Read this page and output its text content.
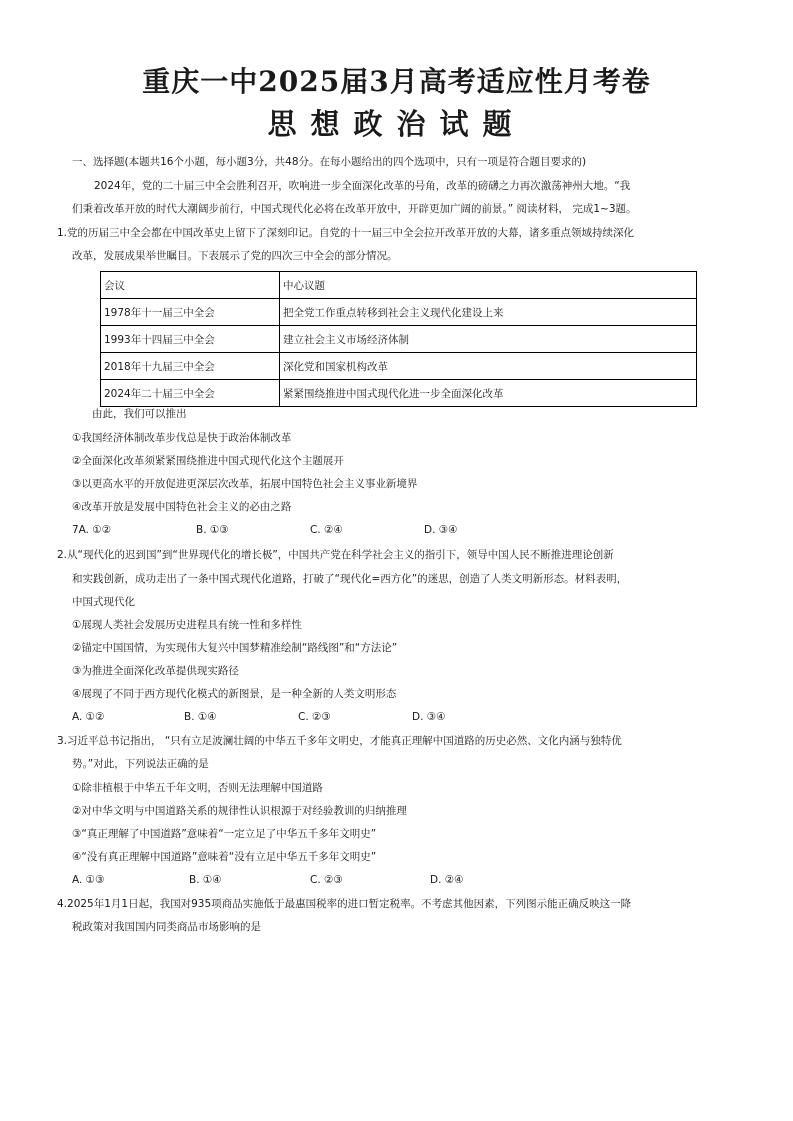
重庆一中2025届3月高考适应性月考卷
思想政治试题
一、选择题(本题共16个小题，每小题3分，共48分。在每小题给出的四个选项中，只有一项是符合题目要求的)
2024年，党的二十届三中全会胜利召开，吹响进一步全面深化改革的号角，改革的磅礴之力再次激荡神州大地。“我
们秉着改革开放的时代大潮阔步前行，中国式现代化必将在改革开放中，开辟更加广阔的前景。” 阅读材料， 完成1~3题。
1.党的历届三中全会都在中国改革史上留下了深刻印记。自党的十一届三中全会拉开改革开放的大幕，诸多重点领域持续深化
改革，发展成果举世瞩目。下表展示了党的四次三中全会的部分情况。
会议	中心议题
1978年十一届三中全会	把全党工作重点转移到社会主义现代化建设上来
1993年十四届三中全会	建立社会主义市场经济体制
2018年十九届三中全会	深化党和国家机构改革
2024年二十届三中全会	紧紧围绕推进中国式现代化进一步全面深化改革
由此，我们可以推出
①我国经济体制改革步伐总是快于政治体制改革
②全面深化改革须紧紧围绕推进中国式现代化这个主题展开
③以更高水平的开放促进更深层次改革，拓展中国特色社会主义事业新境界
④改革开放是发展中国特色社会主义的必由之路
7A. ①②	B. ①③	C. ②④	D. ③④
2.从“现代化的迟到国”到“世界现代化的增长极”，中国共产党在科学社会主义的指引下，领导中国人民不断推进理论创新
和实践创新，成功走出了一条中国式现代化道路，打破了“现代化=西方化”的迷思，创造了人类文明新形态。材料表明，
中国式现代化
①展现人类社会发展历史进程具有统一性和多样性
②锚定中国国情，为实现伟大复兴中国梦精准绘制“路线图”和“方法论”
③为推进全面深化改革提供现实路径
④展现了不同于西方现代化模式的新图景，是一种全新的人类文明形态
A. ①②	B. ①④	C. ②③	D. ③④
3.习近平总书记指出， “只有立足波澜壮阔的中华五千多年文明史，才能真正理解中国道路的历史必然、文化内涵与独特优
势。”对此，下列说法正确的是
①除非植根于中华五千年文明，否则无法理解中国道路
②对中华文明与中国道路关系的规律性认识根源于对经验教训的归纳推理
③“真正理解了中国道路”意味着“一定立足了中华五千多年文明史”
④“没有真正理解中国道路”意味着“没有立足中华五千多年文明史”
A. ①③	B. ①④	C. ②③	D. ②④
4.2025年1月1日起，我国对935项商品实施低于最惠国税率的进口暂定税率。不考虑其他因素，下列图示能正确反映这一降
税政策对我国国内同类商品市场影响的是
